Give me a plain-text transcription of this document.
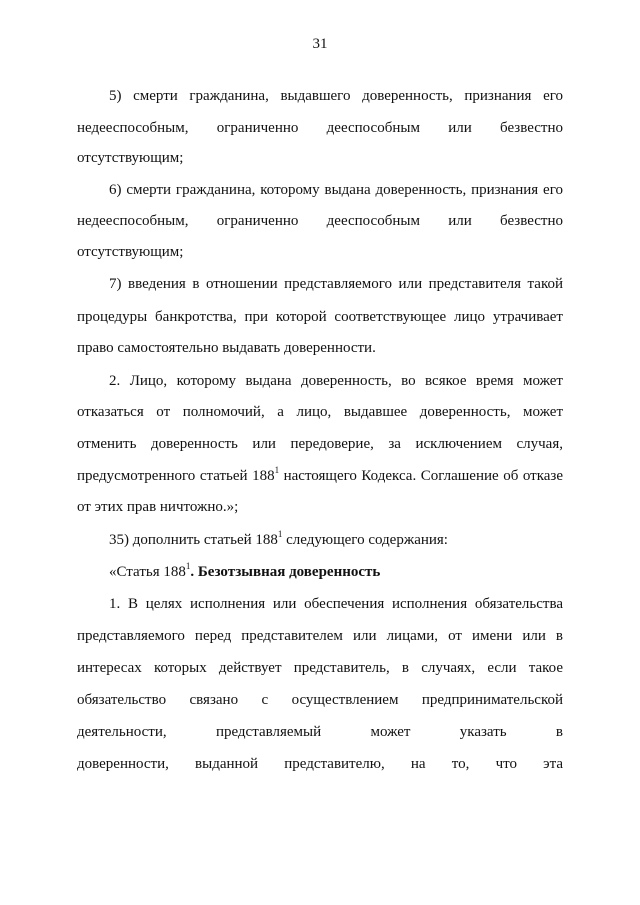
31
5) смерти гражданина, выдавшего доверенность, признания его
недееспособным, ограниченно дееспособным или безвестно
отсутствующим;
6) смерти гражданина, которому выдана доверенность, признания его
недееспособным, ограниченно дееспособным или безвестно
отсутствующим;
7) введения в отношении представляемого или представителя такой
процедуры банкротства, при которой соответствующее лицо утрачивает
право самостоятельно выдавать доверенности.
2. Лицо, которому выдана доверенность, во всякое время может
отказаться от полномочий, а лицо, выдавшее доверенность, может
отменить доверенность или передоверие, за исключением случая,
предусмотренного статьей $188^1$ настоящего Кодекса. Соглашение об отказе
от этих прав ничтожно.»;
35) дополнить статьей $188^1$ следующего содержания:
«Статья $188^1$. Безотзывная доверенность
1. В целях исполнения или обеспечения исполнения обязательства
представляемого перед представителем или лицами, от имени или в
интересах которых действует представитель, в случаях, если такое
обязательство связано с осуществлением предпринимательской
деятельности, представляемый может указать в
доверенности, выданной представителю, на то, что эта
